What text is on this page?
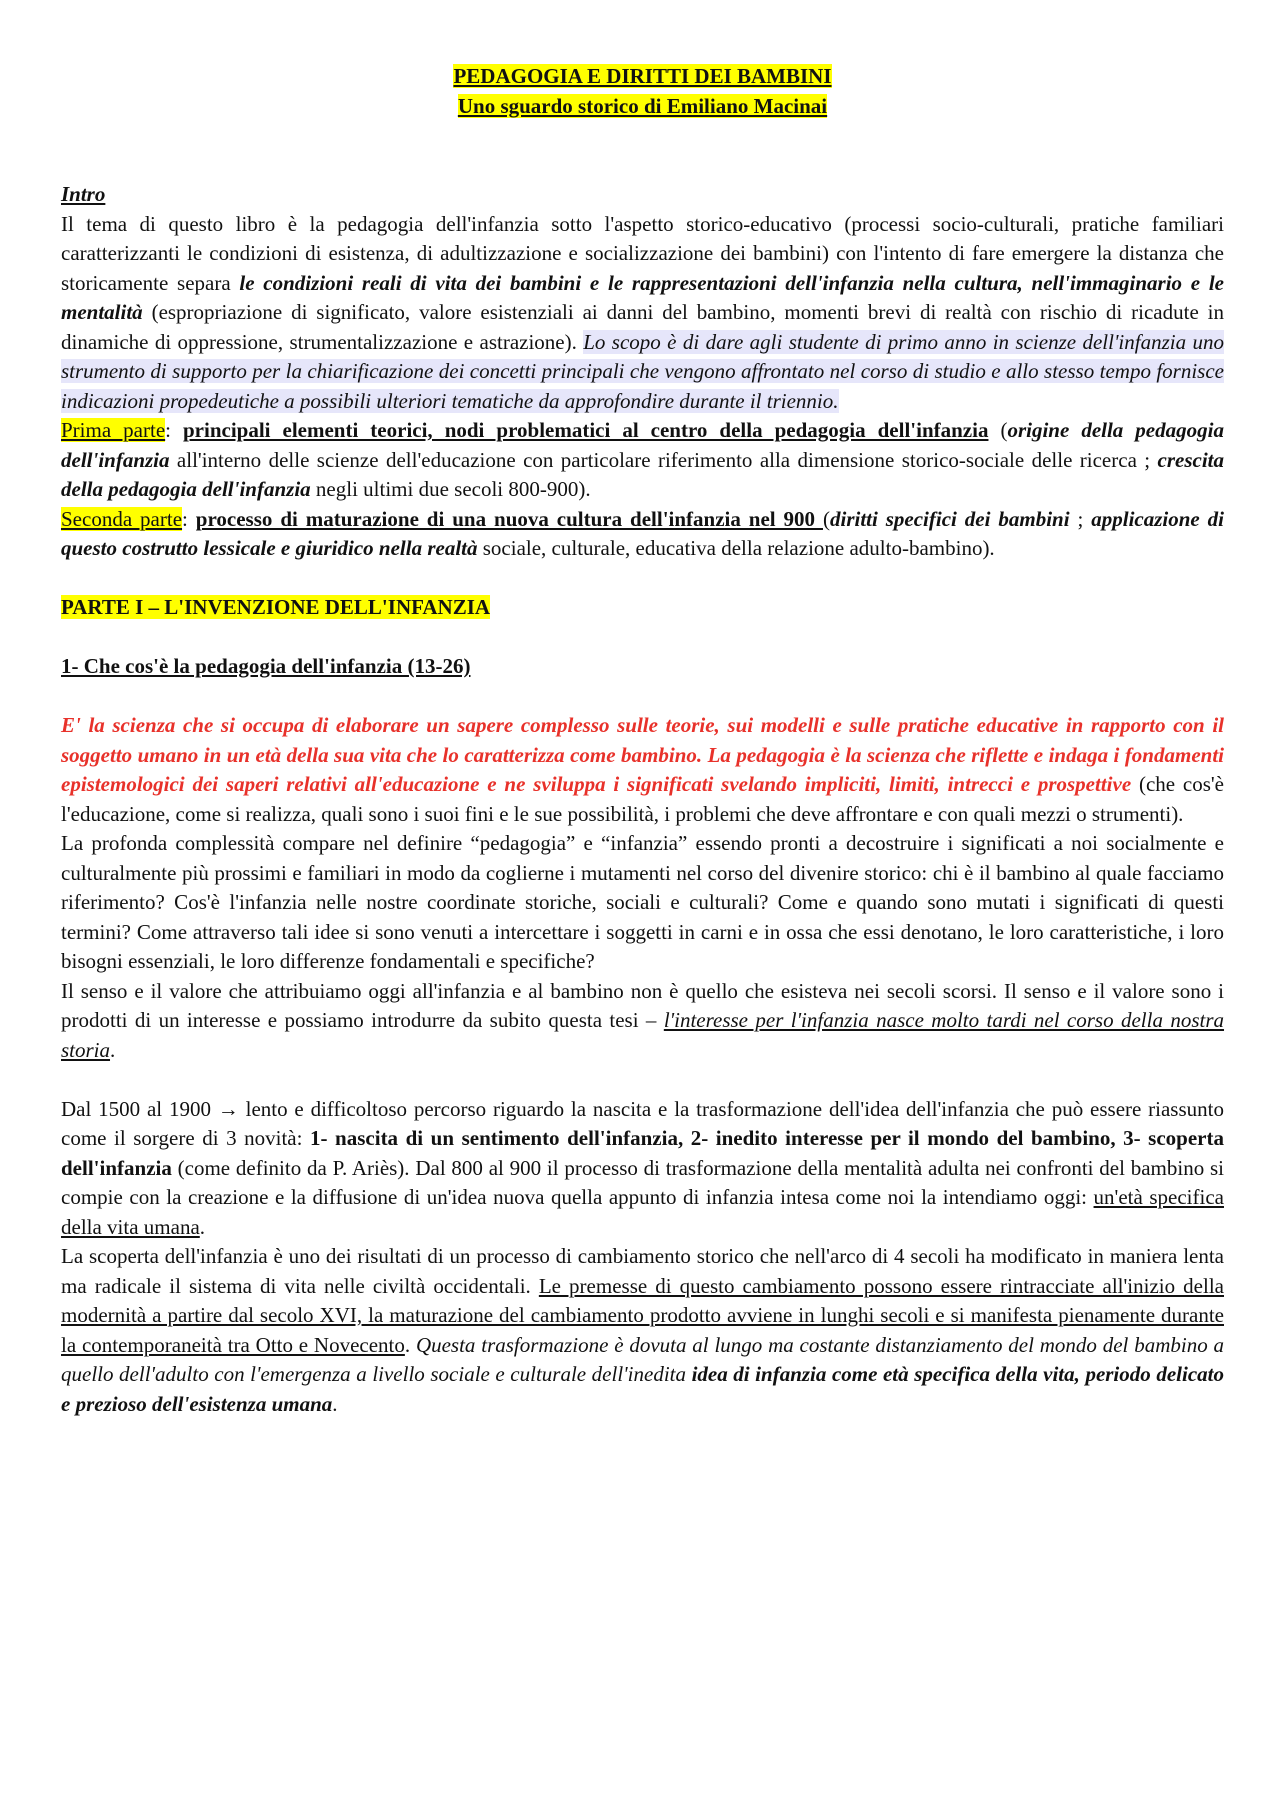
PEDAGOGIA E DIRITTI DEI BAMBINI
Uno sguardo storico di Emiliano Macinai
Intro

Il tema di questo libro è la pedagogia dell'infanzia sotto l'aspetto storico-educativo (processi socio-culturali, pratiche familiari caratterizzanti le condizioni di esistenza, di adultizzazione e socializzazione dei bambini) con l'intento di fare emergere la distanza che storicamente separa le condizioni reali di vita dei bambini e le rappresentazioni dell'infanzia nella cultura, nell'immaginario e le mentalità (espropriazione di significato, valore esistenziali ai danni del bambino, momenti brevi di realtà con rischio di ricadute in dinamiche di oppressione, strumentalizzazione e astrazione). Lo scopo è di dare agli studente di primo anno in scienze dell'infanzia uno strumento di supporto per la chiarificazione dei concetti principali che vengono affrontato nel corso di studio e allo stesso tempo fornisce indicazioni propedeutiche a possibili ulteriori tematiche da approfondire durante il triennio.

Prima parte: principali elementi teorici, nodi problematici al centro della pedagogia dell'infanzia (origine della pedagogia dell'infanzia all'interno delle scienze dell'educazione con particolare riferimento alla dimensione storico-sociale delle ricerca ; crescita della pedagogia dell'infanzia negli ultimi due secoli 800-900).

Seconda parte: processo di maturazione di una nuova cultura dell'infanzia nel 900 (diritti specifici dei bambini ; applicazione di questo costrutto lessicale e giuridico nella realtà sociale, culturale, educativa della relazione adulto-bambino).

PARTE I – L'INVENZIONE DELL'INFANZIA
1- Che cos'è la pedagogia dell'infanzia (13-26)

E' la scienza che si occupa di elaborare un sapere complesso sulle teorie, sui modelli e sulle pratiche educative in rapporto con il soggetto umano in un età della sua vita che lo caratterizza come bambino. La pedagogia è la scienza che riflette e indaga i fondamenti epistemologici dei saperi relativi all'educazione e ne sviluppa i significati svelando impliciti, limiti, intrecci e prospettive (che cos'è l'educazione, come si realizza, quali sono i suoi fini e le sue possibilità, i problemi che deve affrontare e con quali mezzi o strumenti).

La profonda complessità compare nel definire “pedagogia” e “infanzia” essendo pronti a decostruire i significati a noi socialmente e culturalmente più prossimi e familiari in modo da coglierne i mutamenti nel corso del divenire storico: chi è il bambino al quale facciamo riferimento? Cos'è l'infanzia nelle nostre coordinate storiche, sociali e culturali? Come e quando sono mutati i significati di questi termini? Come attraverso tali idee si sono venuti a intercettare i soggetti in carni e in ossa che essi denotano, le loro caratteristiche, i loro bisogni essenziali, le loro differenze fondamentali e specifiche?

Il senso e il valore che attribuiamo oggi all'infanzia e al bambino non è quello che esisteva nei secoli scorsi. Il senso e il valore sono i prodotti di un interesse e possiamo introdurre da subito questa tesi – l'interesse per l'infanzia nasce molto tardi nel corso della nostra storia.

Dal 1500 al 1900 → lento e difficoltoso percorso riguardo la nascita e la trasformazione dell'idea dell'infanzia che può essere riassunto come il sorgere di 3 novità: 1- nascita di un sentimento dell'infanzia, 2- inedito interesse per il mondo del bambino, 3- scoperta dell'infanzia (come definito da P. Ariès). Dal 800 al 900 il processo di trasformazione della mentalità adulta nei confronti del bambino si compie con la creazione e la diffusione di un'idea nuova quella appunto di infanzia intesa come noi la intendiamo oggi: un'età specifica della vita umana.

La scoperta dell'infanzia è uno dei risultati di un processo di cambiamento storico che nell'arco di 4 secoli ha modificato in maniera lenta ma radicale il sistema di vita nelle civiltà occidentali. Le premesse di questo cambiamento possono essere rintracciate all'inizio della modernità a partire dal secolo XVI, la maturazione del cambiamento prodotto avviene in lunghi secoli e si manifesta pienamente durante la contemporaneità tra Otto e Novecento. Questa trasformazione è dovuta al lungo ma costante distanziamento del mondo del bambino a quello dell'adulto con l'emergenza a livello sociale e culturale dell'inedita idea di infanzia come età specifica della vita, periodo delicato e prezioso dell'esistenza umana.
